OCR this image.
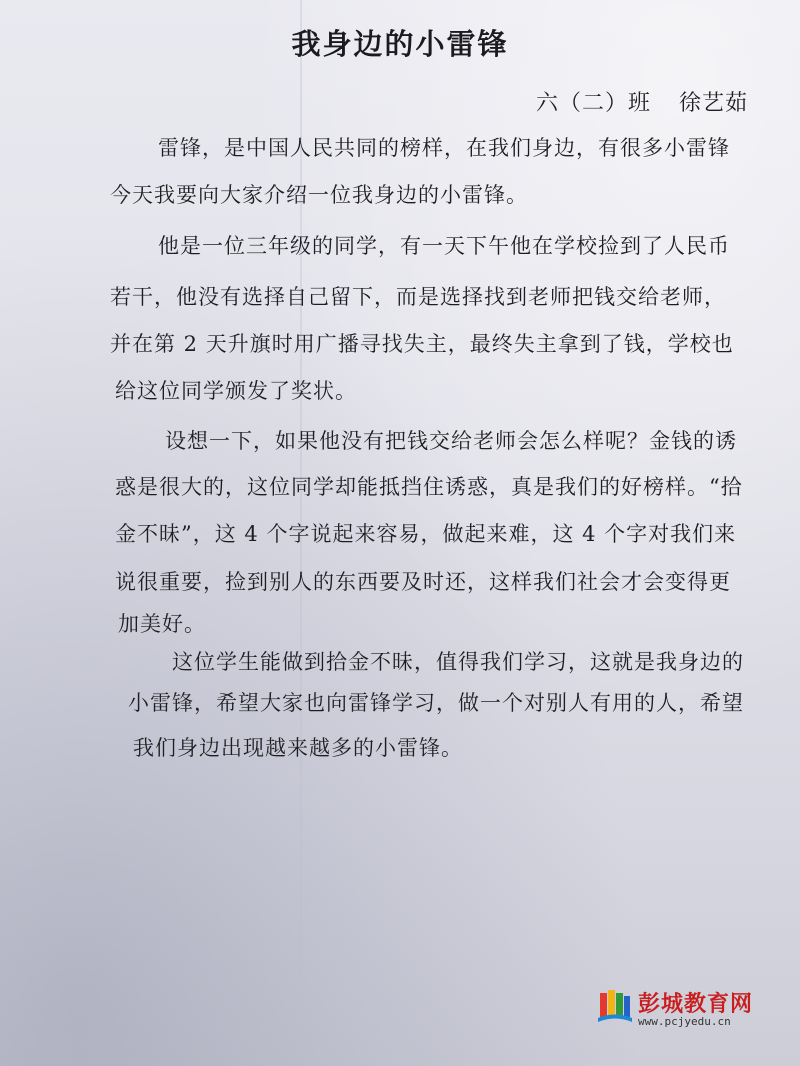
我身边的小雷锋
六（二）班 徐艺茹
雷锋，是中国人民共同的榜样，在我们身边，有很多小雷锋
今天我要向大家介绍一位我身边的小雷锋。
他是一位三年级的同学，有一天下午他在学校捡到了人民币
若干，他没有选择自己留下，而是选择找到老师把钱交给老师，
并在第 2 天升旗时用广播寻找失主，最终失主拿到了钱，学校也
给这位同学颁发了奖状。
设想一下，如果他没有把钱交给老师会怎么样呢？金钱的诱
惑是很大的，这位同学却能抵挡住诱惑，真是我们的好榜样。“拾
金不昧”，这 4 个字说起来容易，做起来难，这 4 个字对我们来
说很重要，捡到别人的东西要及时还，这样我们社会才会变得更
加美好。
这位学生能做到拾金不昧，值得我们学习，这就是我身边的
小雷锋，希望大家也向雷锋学习，做一个对别人有用的人，希望
我们身边出现越来越多的小雷锋。
彭城教育网
www.pcjyedu.cn
